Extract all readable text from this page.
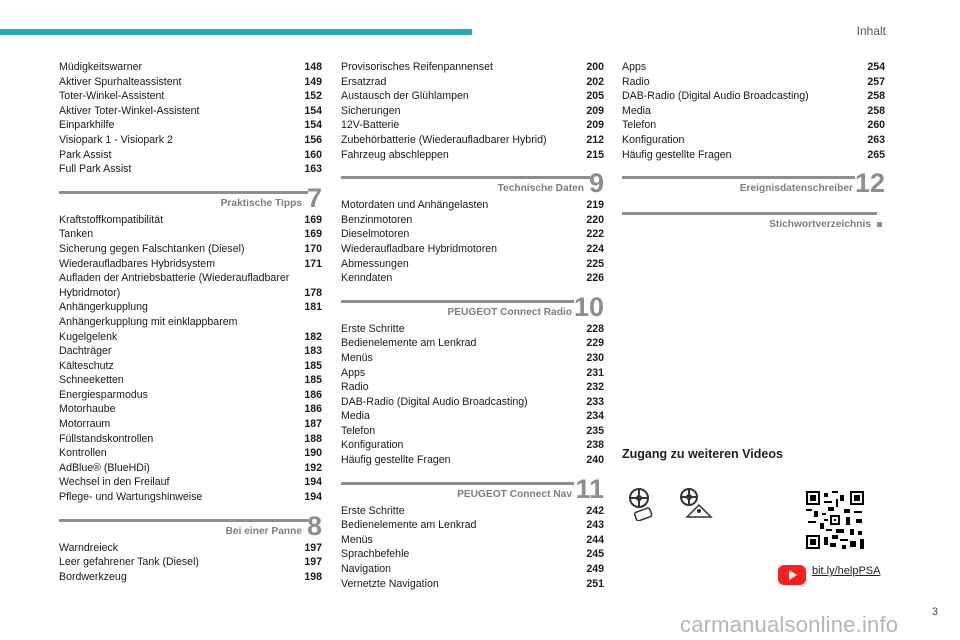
Inhalt
Müdigkeitswarner	148
Aktiver Spurhalteassistent	149
Toter-Winkel-Assistent	152
Aktiver Toter-Winkel-Assistent	154
Einparkhilfe	154
Visiopark 1 - Visiopark 2	156
Park Assist	160
Full Park Assist	163
Praktische Tipps 7
Kraftstoffkompatibilität	169
Tanken	169
Sicherung gegen Falschtanken (Diesel)	170
Wiederaufladbares Hybridsystem	171
Aufladen der Antriebsbatterie (Wiederaufladbarer
Hybridmotor)	178
Anhängerkupplung	181
Anhängerkupplung mit einklappbarem
Kugelgelenk	182
Dachträger	183
Kälteschutz	185
Schneeketten	185
Energiesparmodus	186
Motorhaube	186
Motorraum	187
Füllstandskontrollen	188
Kontrollen	190
AdBlue® (BlueHDi)	192
Wechsel in den Freilauf	194
Pflege- und Wartungshinweise	194
Bei einer Panne 8
Warndreieck	197
Leer gefahrener Tank (Diesel)	197
Bordwerkzeug	198
Provisorisches Reifenpannenset	200
Ersatzrad	202
Austausch der Glühlampen	205
Sicherungen	209
12V-Batterie	209
Zubehörbatterie (Wiederaufladbarer Hybrid)	212
Fahrzeug abschleppen	215
Technische Daten 9
Motordaten und Anhängelasten	219
Benzinmotoren	220
Dieselmotoren	222
Wiederaufladbare Hybridmotoren	224
Abmessungen	225
Kenndaten	226
PEUGEOT Connect Radio 10
Erste Schritte	228
Bedienelemente am Lenkrad	229
Menüs	230
Apps	231
Radio	232
DAB-Radio (Digital Audio Broadcasting)	233
Media	234
Telefon	235
Konfiguration	238
Häufig gestellte Fragen	240
PEUGEOT Connect Nav 11
Erste Schritte	242
Bedienelemente am Lenkrad	243
Menüs	244
Sprachbefehle	245
Navigation	249
Vernetzte Navigation	251
Apps	254
Radio	257
DAB-Radio (Digital Audio Broadcasting)	258
Media	258
Telefon	260
Konfiguration	263
Häufig gestellte Fragen	265
Ereignisdatenschreiber 12
Stichwortverzeichnis
Zugang zu weiteren Videos
bit.ly/helpPSA
3
carmanualsonline.info
